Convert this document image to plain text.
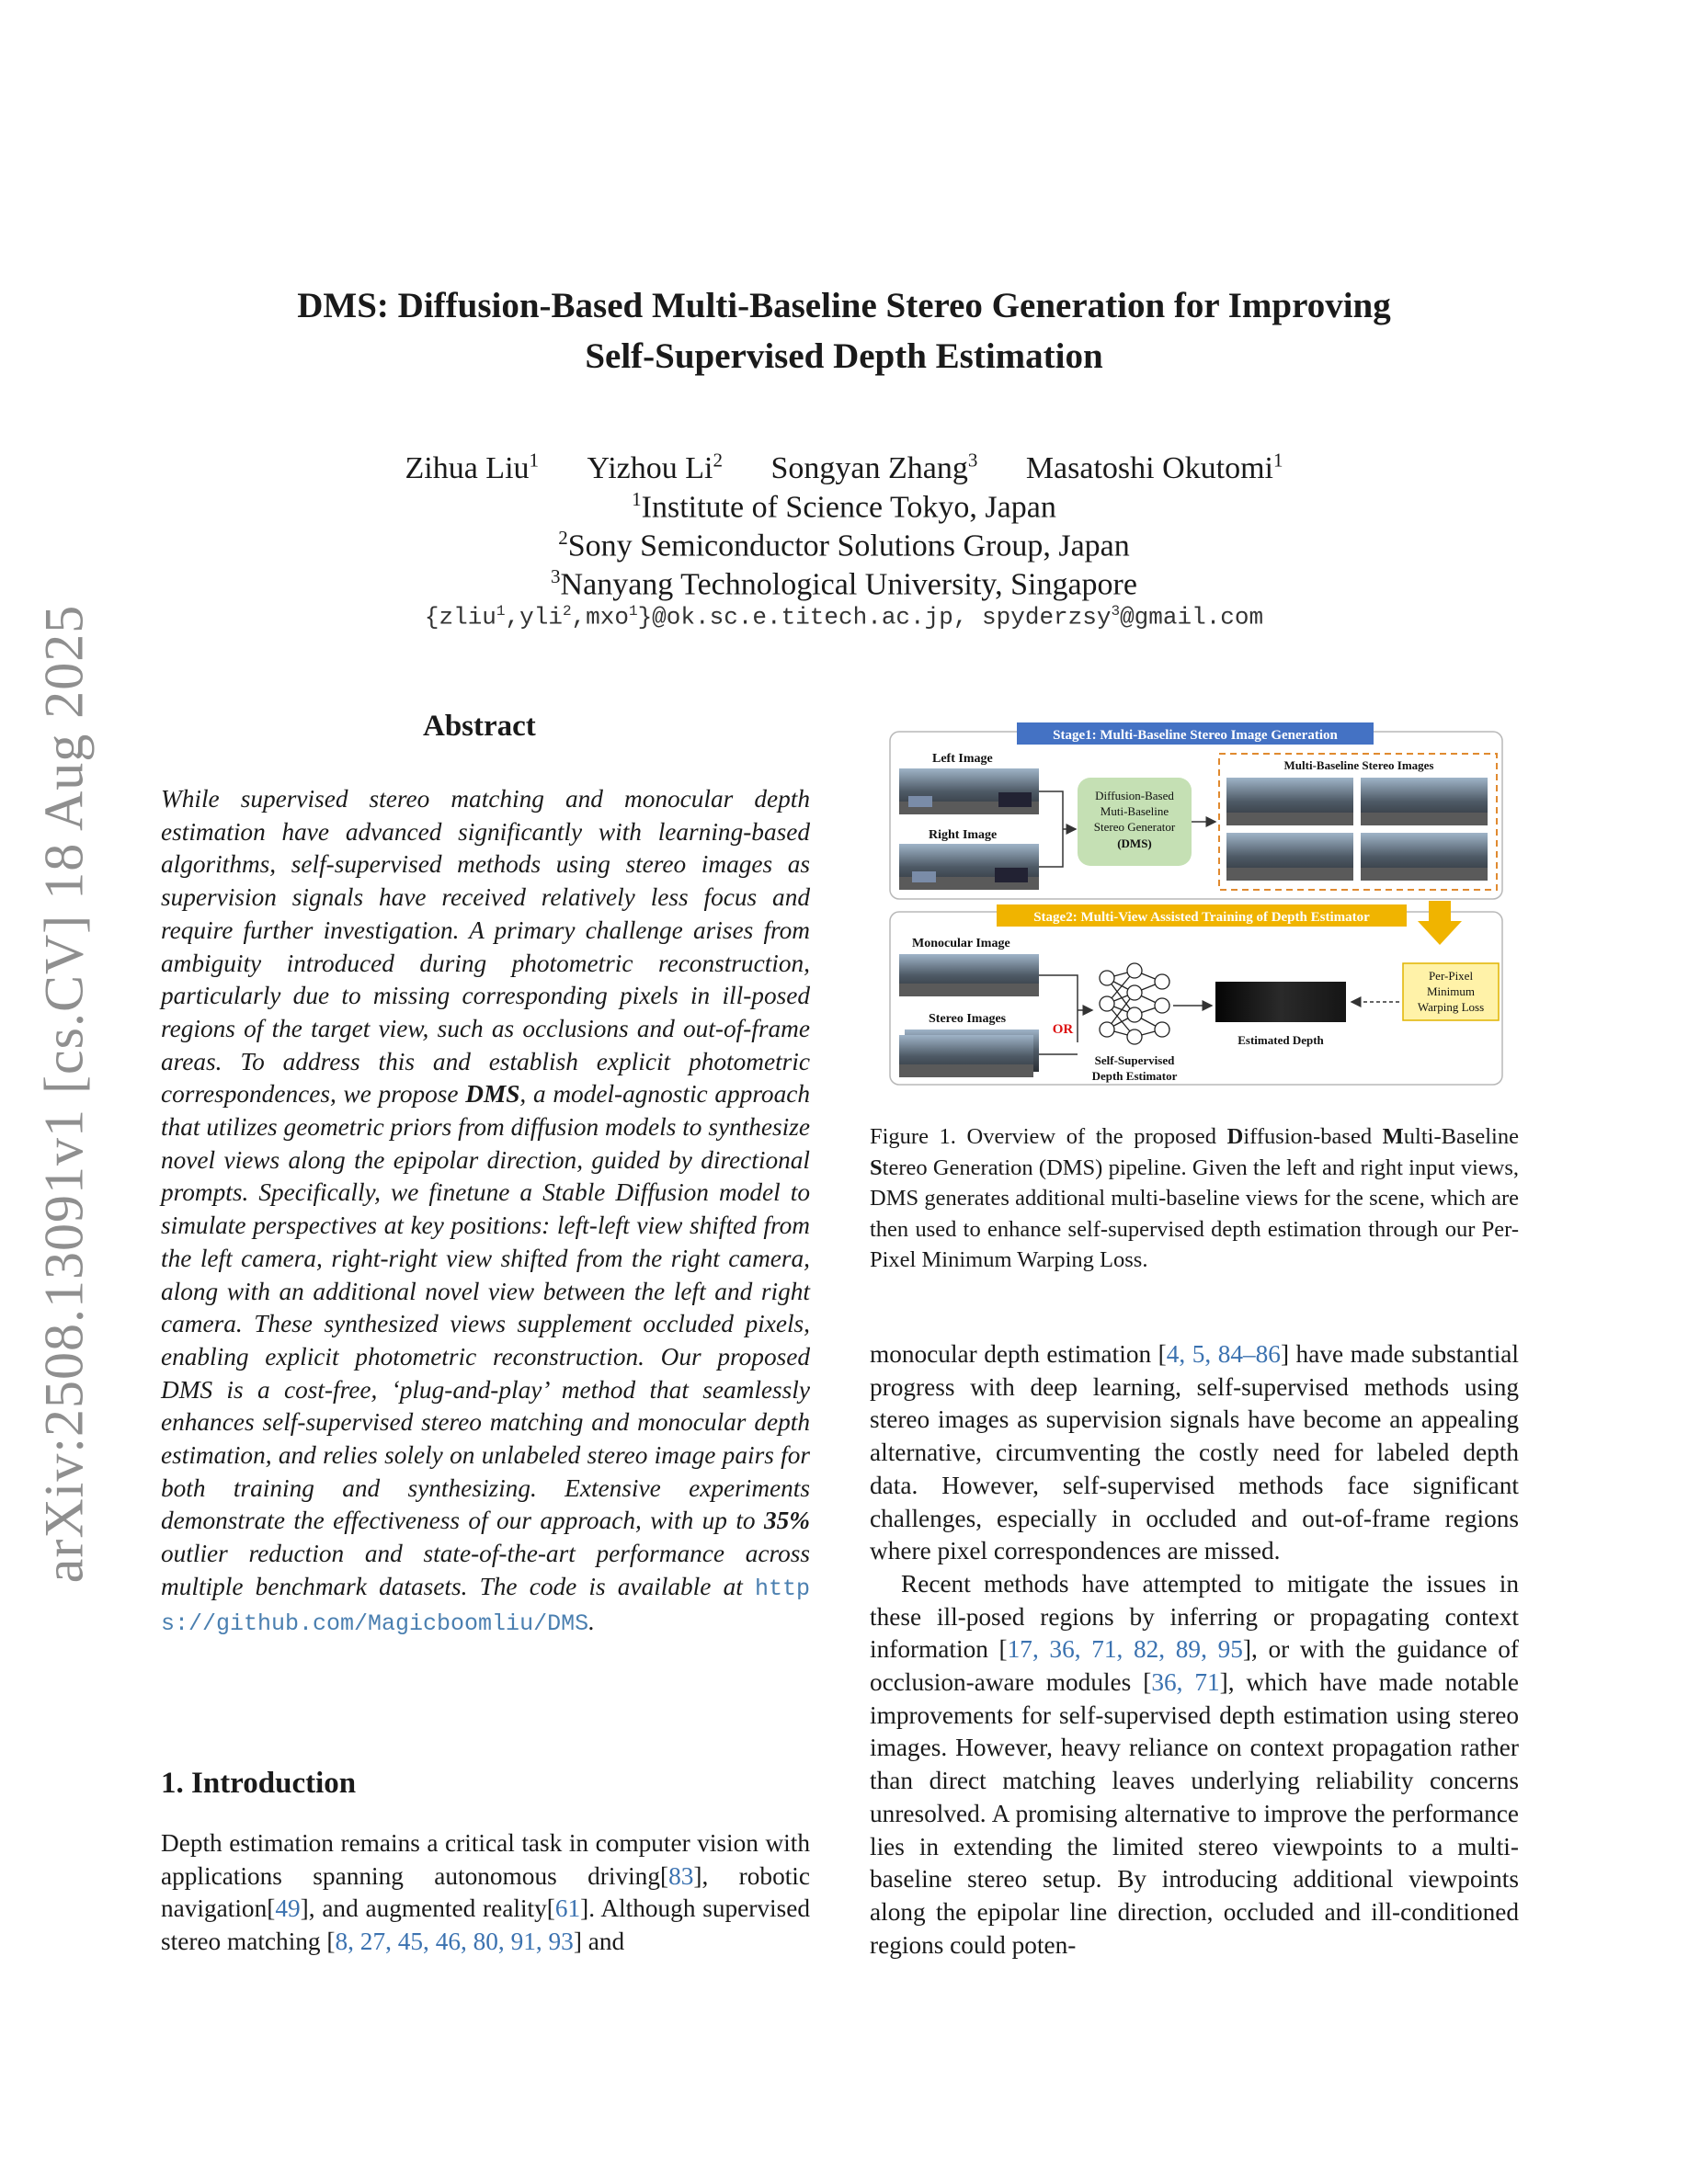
arXiv:2508.13091v1 [cs.CV] 18 Aug 2025
DMS: Diffusion-Based Multi-Baseline Stereo Generation for Improving
Self-Supervised Depth Estimation
Zihua Liu$^1$ Yizhou Li$^2$ Songyan Zhang$^3$ Masatoshi Okutomi$^1$
$^1$Institute of Science Tokyo, Japan
$^2$Sony Semiconductor Solutions Group, Japan
$^3$Nanyang Technological University, Singapore
{zliu$^1$,yli$^2$,mxo$^1$}@ok.sc.e.titech.ac.jp, spyderzsy$^3$@gmail.com
Abstract
While supervised stereo matching and monocular depth estimation have advanced significantly with learning-based algorithms, self-supervised methods using stereo images as supervision signals have received relatively less focus and require further investigation. A primary challenge arises from ambiguity introduced during photometric reconstruction, particularly due to missing corresponding pixels in ill-posed regions of the target view, such as occlusions and out-of-frame areas. To address this and establish explicit photometric correspondences, we propose DMS, a model-agnostic approach that utilizes geometric priors from diffusion models to synthesize novel views along the epipolar direction, guided by directional prompts. Specifically, we finetune a Stable Diffusion model to simulate perspectives at key positions: left-left view shifted from the left camera, right-right view shifted from the right camera, along with an additional novel view between the left and right camera. These synthesized views supplement occluded pixels, enabling explicit photometric reconstruction. Our proposed DMS is a cost-free, ‘plug-and-play’ method that seamlessly enhances self-supervised stereo matching and monocular depth estimation, and relies solely on unlabeled stereo image pairs for both training and synthesizing. Extensive experiments demonstrate the effectiveness of our approach, with up to 35% outlier reduction and state-of-the-art performance across multiple benchmark datasets. The code is available at https://github.com/Magicboomliu/DMS.
1. Introduction

Depth estimation remains a critical task in computer vision with applications spanning autonomous driving[83], robotic navigation[49], and augmented reality[61]. Although supervised stereo matching [8, 27, 45, 46, 80, 91, 93] and

Stage1: Multi-Baseline Stereo Image Generation
Left Image
Right Image
Diffusion-Based
Muti-Baseline
Stereo Generator
(DMS)
Multi-Baseline Stereo Images
Stage2: Multi-View Assisted Training of Depth Estimator
Monocular Image
Stereo Images
OR
Self-Supervised
Depth Estimator
Estimated Depth
Per-Pixel
Minimum
Warping Loss
Figure 1. Overview of the proposed Diffusion-based Multi-Baseline Stereo Generation (DMS) pipeline. Given the left and right input views, DMS generates additional multi-baseline views for the scene, which are then used to enhance self-supervised depth estimation through our Per-Pixel Minimum Warping Loss.

monocular depth estimation [4, 5, 84–86] have made substantial progress with deep learning, self-supervised methods using stereo images as supervision signals have become an appealing alternative, circumventing the costly need for labeled depth data. However, self-supervised methods face significant challenges, especially in occluded and out-of-frame regions where pixel correspondences are missed.

Recent methods have attempted to mitigate the issues in these ill-posed regions by inferring or propagating context information [17, 36, 71, 82, 89, 95], or with the guidance of occlusion-aware modules [36, 71], which have made notable improvements for self-supervised depth estimation using stereo images. However, heavy reliance on context propagation rather than direct matching leaves underlying reliability concerns unresolved. A promising alternative to improve the performance lies in extending the limited stereo viewpoints to a multi-baseline stereo setup. By introducing additional viewpoints along the epipolar line direction, occluded and ill-conditioned regions could poten-
